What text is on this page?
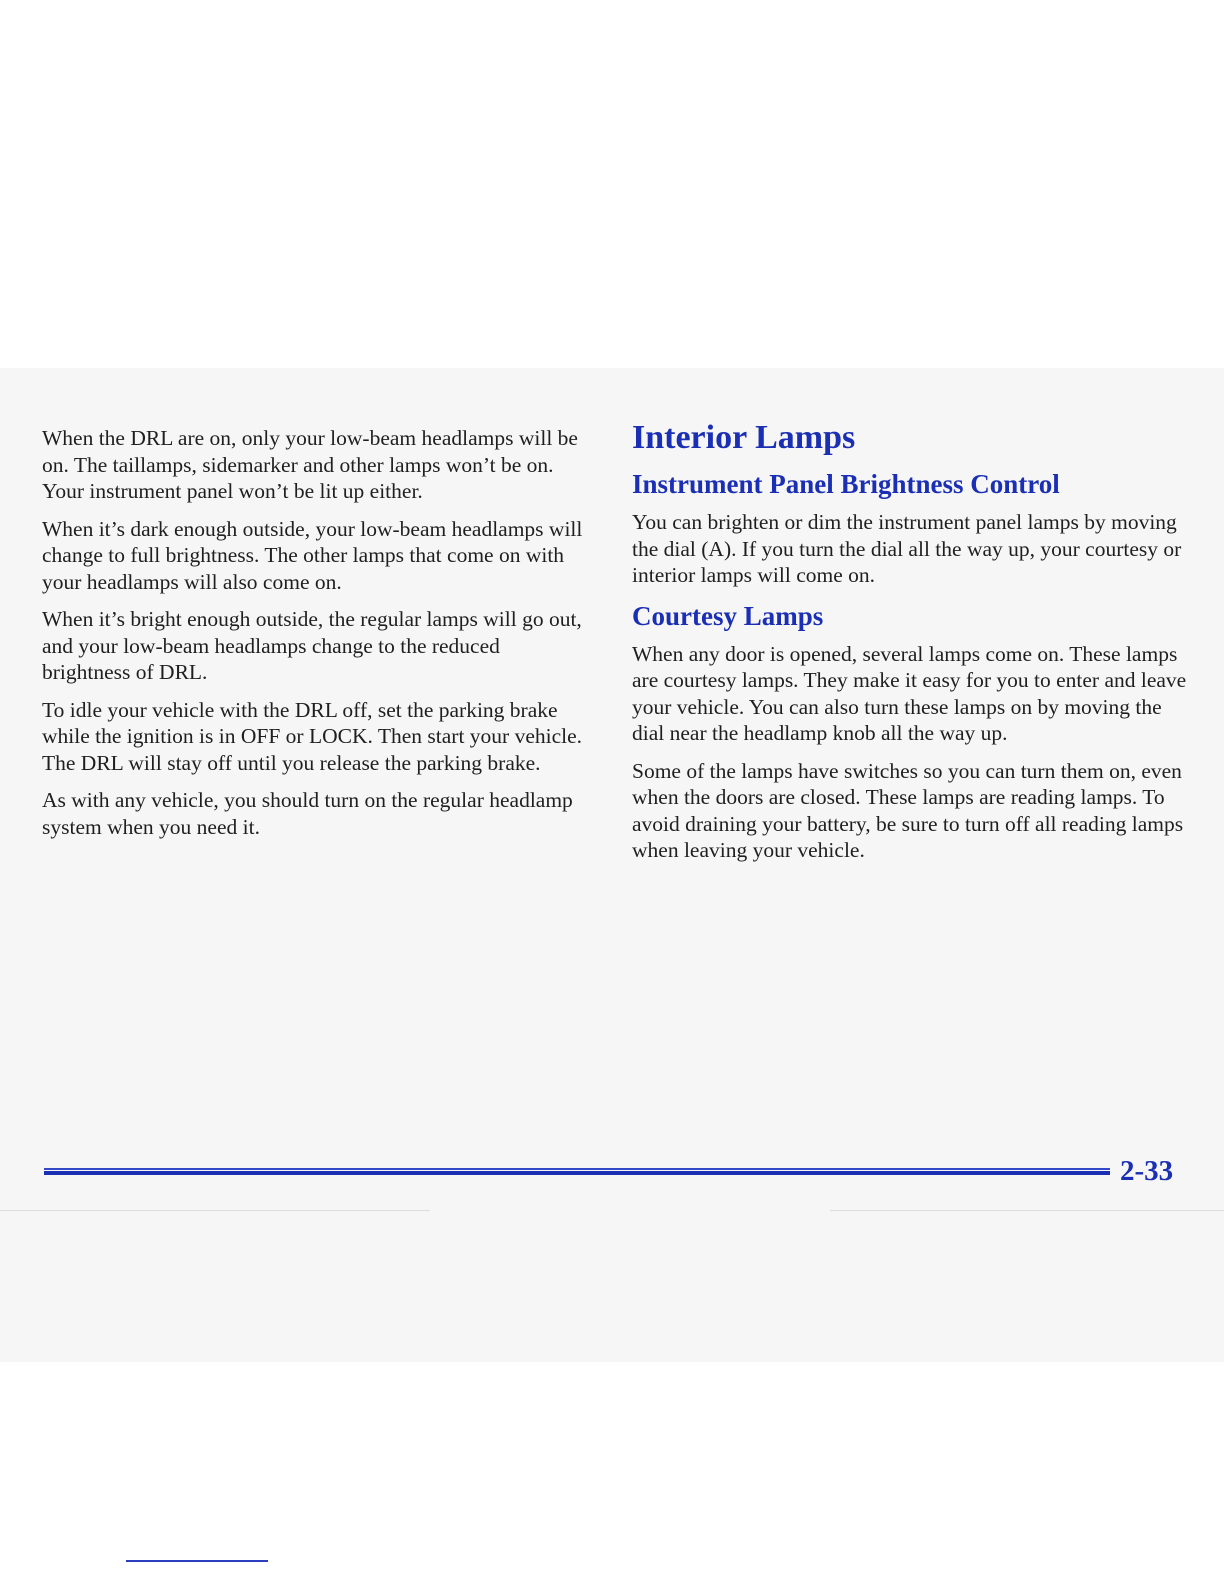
When the DRL are on, only your low-beam headlamps will be on. The taillamps, sidemarker and other lamps won’t be on. Your instrument panel won’t be lit up either.

When it’s dark enough outside, your low-beam headlamps will change to full brightness. The other lamps that come on with your headlamps will also come on.

When it’s bright enough outside, the regular lamps will go out, and your low-beam headlamps change to the reduced brightness of DRL.

To idle your vehicle with the DRL off, set the parking brake while the ignition is in OFF or LOCK. Then start your vehicle. The DRL will stay off until you release the parking brake.

As with any vehicle, you should turn on the regular headlamp system when you need it.

Interior Lamps
Instrument Panel Brightness Control

You can brighten or dim the instrument panel lamps by moving the dial (A). If you turn the dial all the way up, your courtesy or interior lamps will come on.

Courtesy Lamps

When any door is opened, several lamps come on. These lamps are courtesy lamps. They make it easy for you to enter and leave your vehicle. You can also turn these lamps on by moving the dial near the headlamp knob all the way up.

Some of the lamps have switches so you can turn them on, even when the doors are closed. These lamps are reading lamps. To avoid draining your battery, be sure to turn off all reading lamps when leaving your vehicle.

2-33
